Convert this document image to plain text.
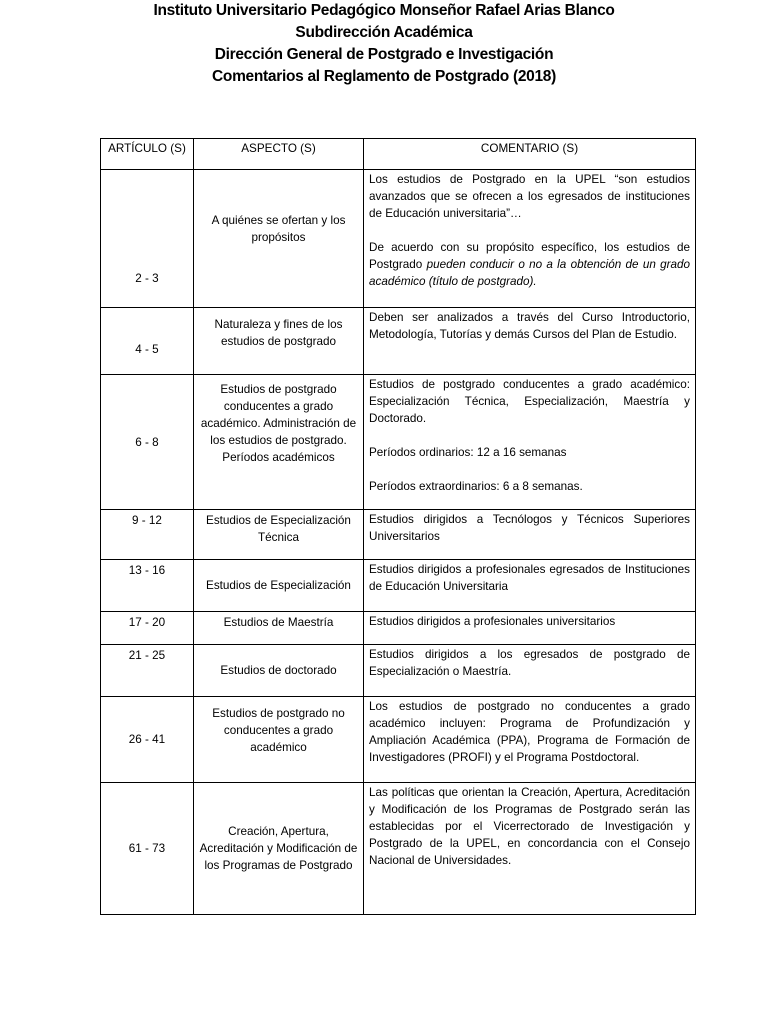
Instituto Universitario Pedagógico Monseñor Rafael Arias Blanco
Subdirección Académica
Dirección General de Postgrado e Investigación
Comentarios al Reglamento de Postgrado (2018)
ARTÍCULO (S)	ASPECTO (S)	COMENTARIO (S)
2 - 3	A quiénes se ofertan y los propósitos	Los estudios de Postgrado en la UPEL “son estudios avanzados que se ofrecen a los egresados de instituciones de Educación universitaria”…

De acuerdo con su propósito específico, los estudios de Postgrado pueden conducir o no a la obtención de un grado académico (título de postgrado).

4 - 5	Naturaleza y fines de los estudios de postgrado	Deben ser analizados a través del Curso Introductorio, Metodología, Tutorías y demás Cursos del Plan de Estudio.
6 - 8	Estudios de postgrado conducentes a grado académico. Administración de los estudios de postgrado. Períodos académicos	Estudios de postgrado conducentes a grado académico: Especialización Técnica, Especialización, Maestría y Doctorado.

Períodos ordinarios: 12 a 16 semanas

Períodos extraordinarios: 6 a 8 semanas.

9 - 12	Estudios de Especialización Técnica	Estudios dirigidos a Tecnólogos y Técnicos Superiores Universitarios
13 - 16	Estudios de Especialización	Estudios dirigidos a profesionales egresados de Instituciones de Educación Universitaria
17 - 20	Estudios de Maestría	Estudios dirigidos a profesionales universitarios
21 - 25	Estudios de doctorado	Estudios dirigidos a los egresados de postgrado de Especialización o Maestría.
26 - 41	Estudios de postgrado no conducentes a grado académico	Los estudios de postgrado no conducentes a grado académico incluyen: Programa de Profundización y Ampliación Académica (PPA), Programa de Formación de Investigadores (PROFI) y el Programa Postdoctoral.
61 - 73	Creación, Apertura, Acreditación y Modificación de los Programas de Postgrado	Las políticas que orientan la Creación, Apertura, Acreditación y Modificación de los Programas de Postgrado serán las establecidas por el Vicerrectorado de Investigación y Postgrado de la UPEL, en concordancia con el Consejo Nacional de Universidades.
